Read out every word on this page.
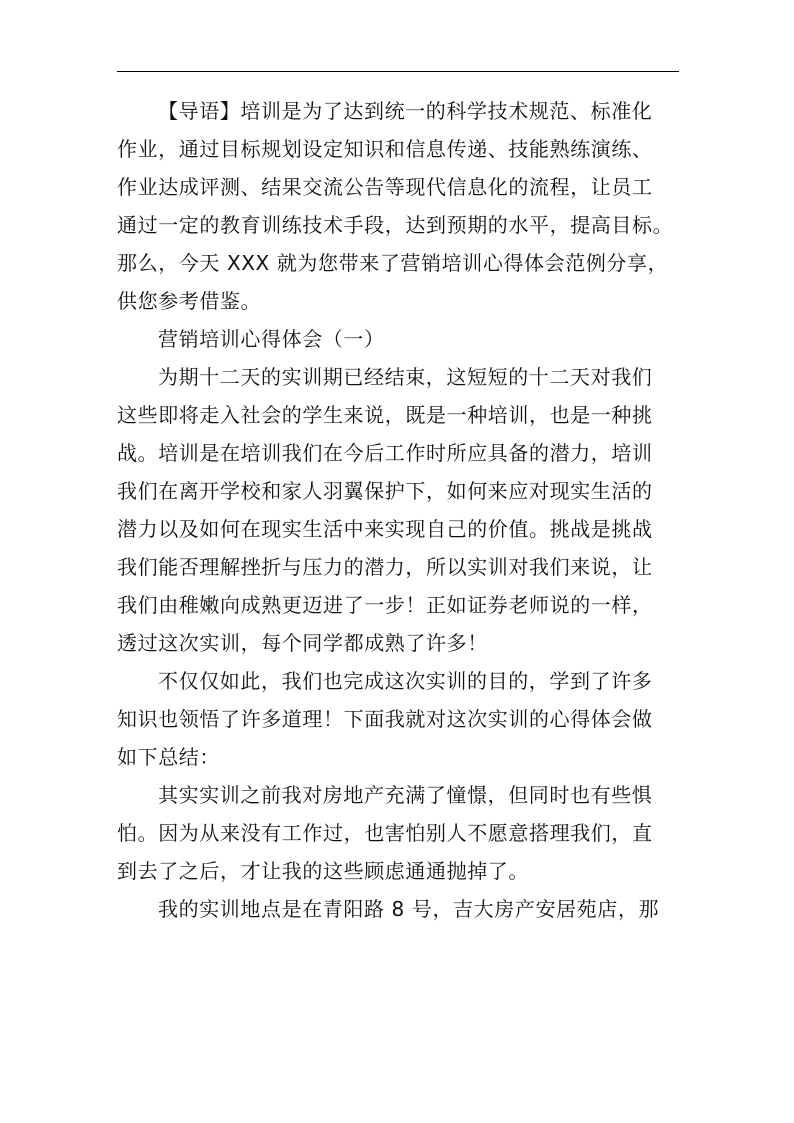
【导语】培训是为了达到统一的科学技术规范、标准化
作业，通过目标规划设定知识和信息传递、技能熟练演练、
作业达成评测、结果交流公告等现代信息化的流程，让员工
通过一定的教育训练技术手段，达到预期的水平，提高目标。
那么，今天 XXX 就为您带来了营销培训心得体会范例分享，
供您参考借鉴。
营销培训心得体会（一）
为期十二天的实训期已经结束，这短短的十二天对我们
这些即将走入社会的学生来说，既是一种培训，也是一种挑
战。培训是在培训我们在今后工作时所应具备的潜力，培训
我们在离开学校和家人羽翼保护下，如何来应对现实生活的
潜力以及如何在现实生活中来实现自己的价值。挑战是挑战
我们能否理解挫折与压力的潜力，所以实训对我们来说，让
我们由稚嫩向成熟更迈进了一步！正如证券老师说的一样，
透过这次实训，每个同学都成熟了许多！
不仅仅如此，我们也完成这次实训的目的，学到了许多
知识也领悟了许多道理！下面我就对这次实训的心得体会做
如下总结：
其实实训之前我对房地产充满了憧憬，但同时也有些惧
怕。因为从来没有工作过，也害怕别人不愿意搭理我们，直
到去了之后，才让我的这些顾虑通通抛掉了。
我的实训地点是在青阳路 8 号，吉大房产安居苑店，那
